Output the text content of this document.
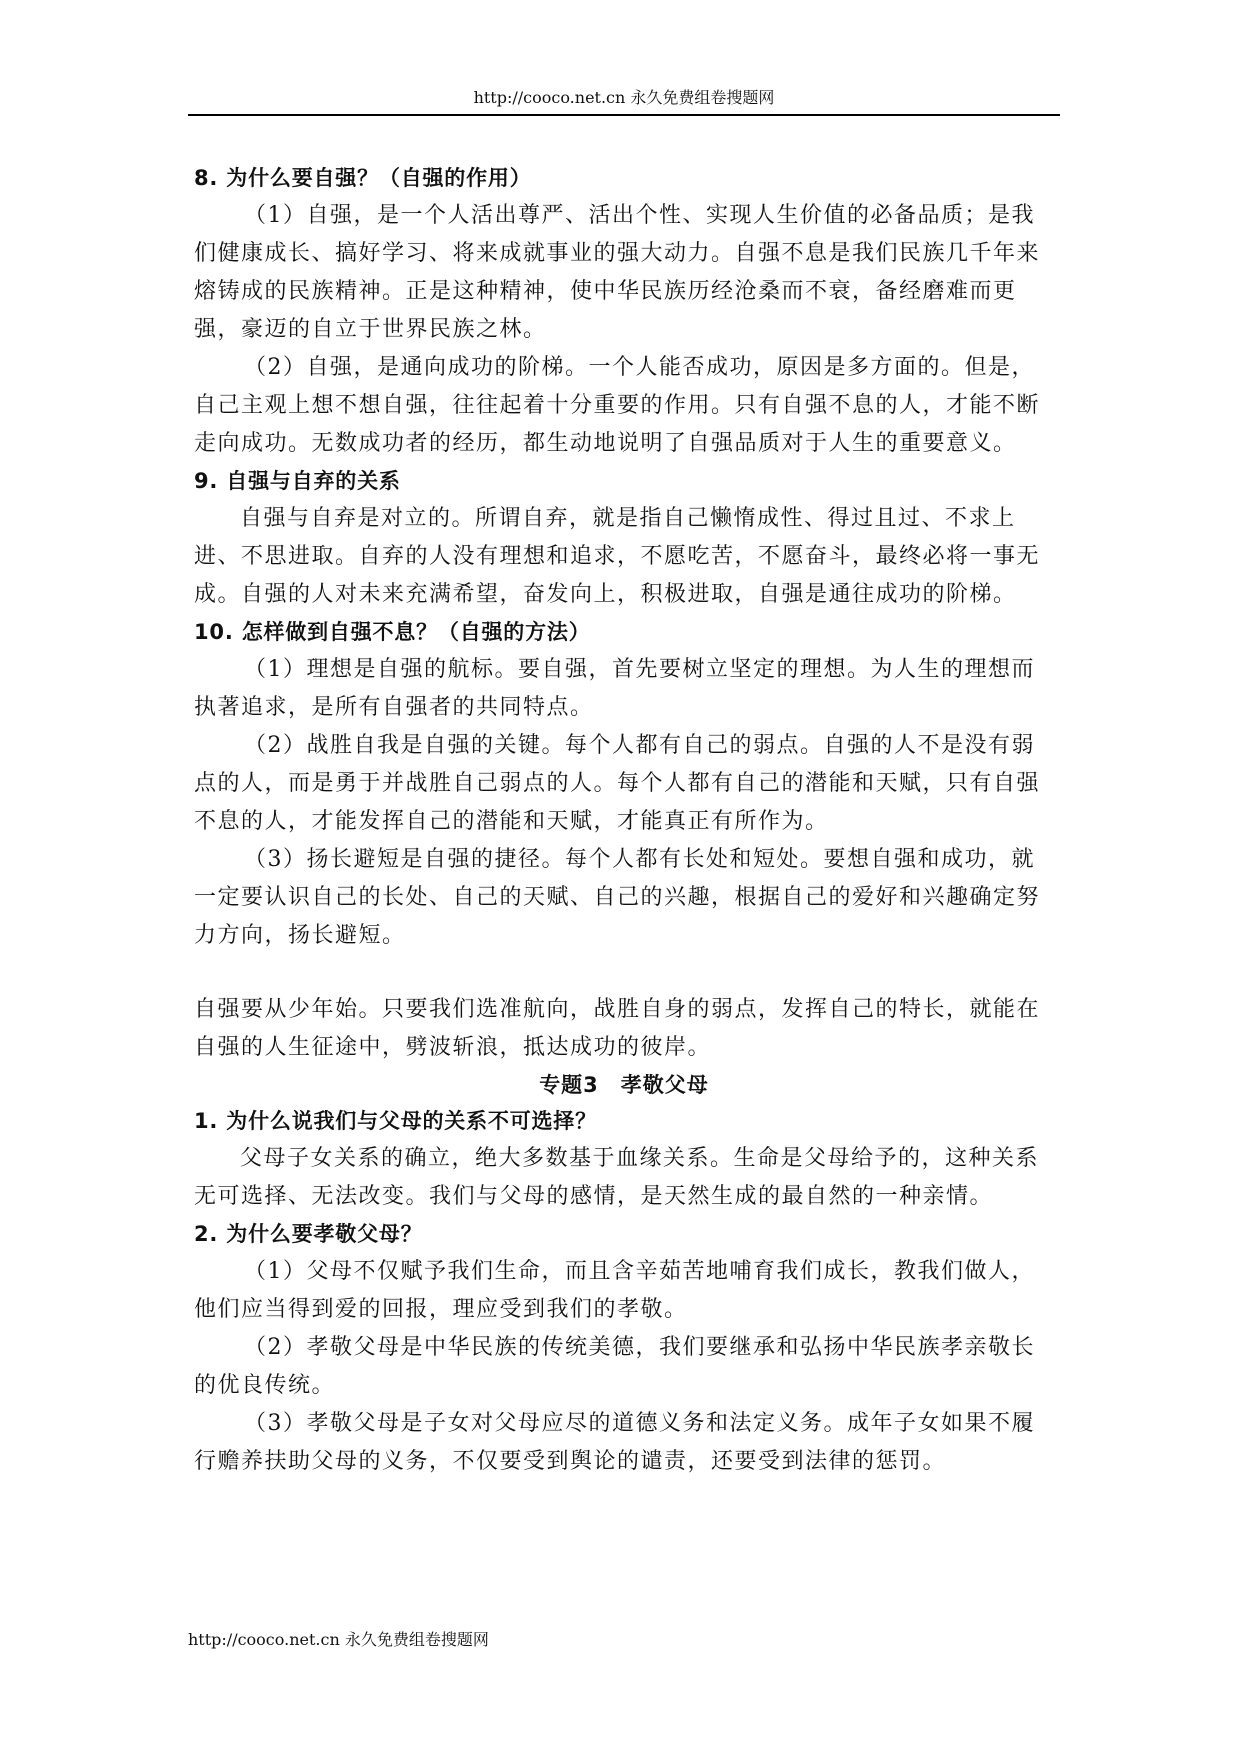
http://cooco.net.cn 永久免费组卷搜题网

8. 为什么要自强？（自强的作用）

（1）自强，是一个人活出尊严、活出个性、实现人生价值的必备品质；是我们健康成长、搞好学习、将来成就事业的强大动力。自强不息是我们民族几千年来熔铸成的民族精神。正是这种精神，使中华民族历经沧桑而不衰，备经磨难而更强，豪迈的自立于世界民族之林。

（2）自强，是通向成功的阶梯。一个人能否成功，原因是多方面的。但是，自己主观上想不想自强，往往起着十分重要的作用。只有自强不息的人，才能不断走向成功。无数成功者的经历，都生动地说明了自强品质对于人生的重要意义。

9. 自强与自弃的关系

自强与自弃是对立的。所谓自弃，就是指自己懒惰成性、得过且过、不求上进、不思进取。自弃的人没有理想和追求，不愿吃苦，不愿奋斗，最终必将一事无成。自强的人对未来充满希望，奋发向上，积极进取，自强是通往成功的阶梯。

10. 怎样做到自强不息？（自强的方法）

（1）理想是自强的航标。要自强，首先要树立坚定的理想。为人生的理想而执著追求，是所有自强者的共同特点。

（2）战胜自我是自强的关键。每个人都有自己的弱点。自强的人不是没有弱点的人，而是勇于并战胜自己弱点的人。每个人都有自己的潜能和天赋，只有自强不息的人，才能发挥自己的潜能和天赋，才能真正有所作为。

（3）扬长避短是自强的捷径。每个人都有长处和短处。要想自强和成功，就一定要认识自己的长处、自己的天赋、自己的兴趣，根据自己的爱好和兴趣确定努力方向，扬长避短。

自强要从少年始。只要我们选准航向，战胜自身的弱点，发挥自己的特长，就能在自强的人生征途中，劈波斩浪，抵达成功的彼岸。

专题3　孝敬父母

1. 为什么说我们与父母的关系不可选择？

父母子女关系的确立，绝大多数基于血缘关系。生命是父母给予的，这种关系无可选择、无法改变。我们与父母的感情，是天然生成的最自然的一种亲情。

2. 为什么要孝敬父母？

（1）父母不仅赋予我们生命，而且含辛茹苦地哺育我们成长，教我们做人，他们应当得到爱的回报，理应受到我们的孝敬。

（2）孝敬父母是中华民族的传统美德，我们要继承和弘扬中华民族孝亲敬长的优良传统。

（3）孝敬父母是子女对父母应尽的道德义务和法定义务。成年子女如果不履行赡养扶助父母的义务，不仅要受到舆论的谴责，还要受到法律的惩罚。

http://cooco.net.cn 永久免费组卷搜题网
